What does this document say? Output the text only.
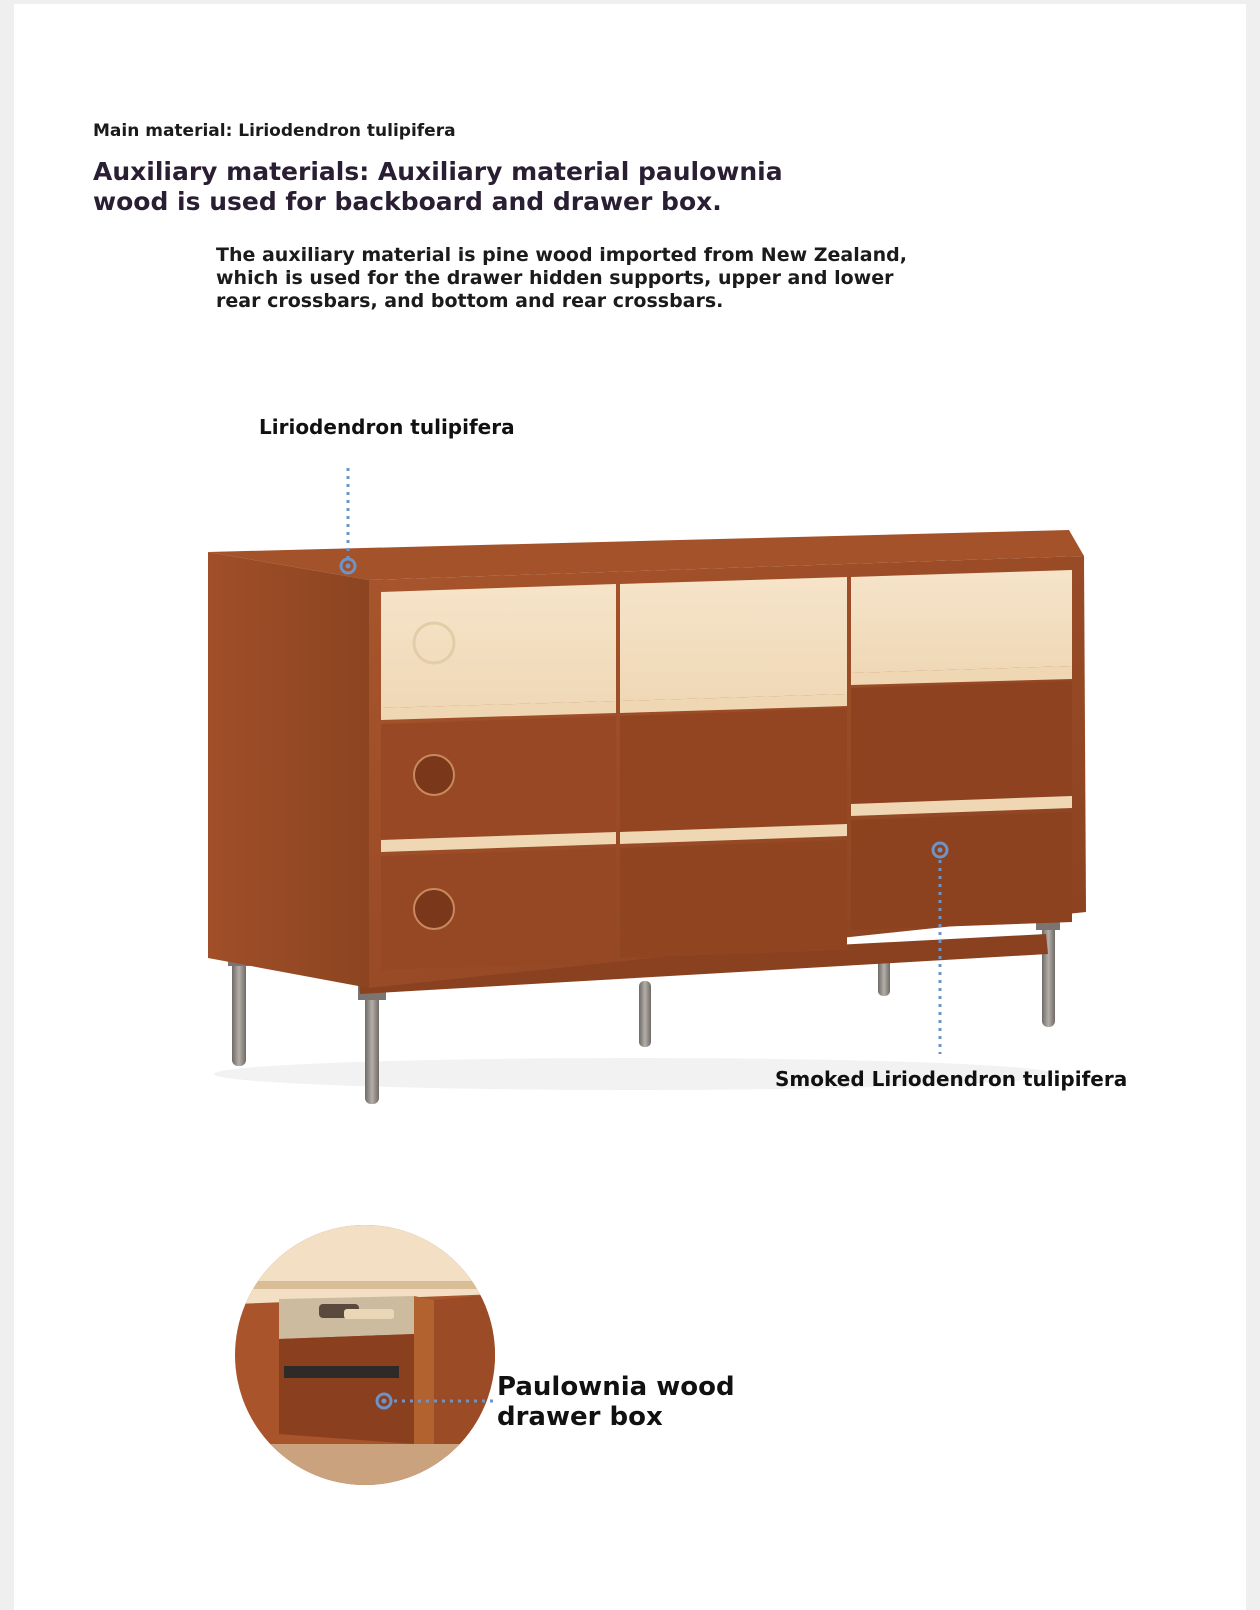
Main material: Liriodendron tulipifera

Auxiliary materials: Auxiliary material paulownia wood is used for backboard and drawer box.

The auxiliary material is pine wood imported from New Zealand, which is used for the drawer hidden supports, upper and lower rear crossbars, and bottom and rear crossbars.

Liriodendron tulipifera

Smoked Liriodendron tulipifera

Paulownia wood drawer box
